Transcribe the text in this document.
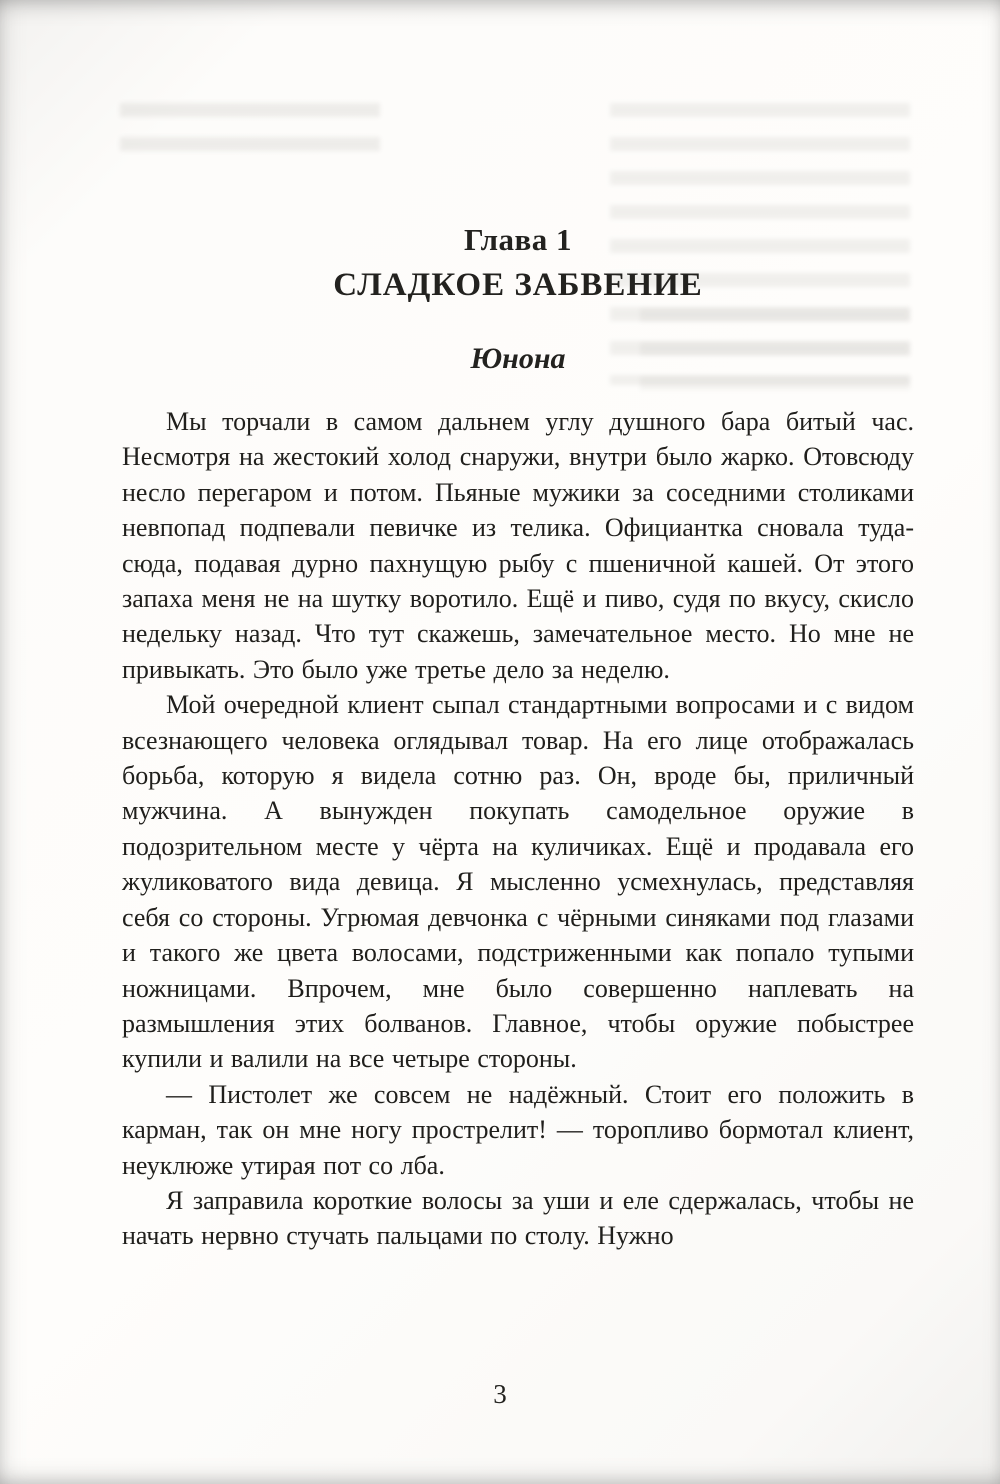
Глава 1
СЛАДКОЕ ЗАБВЕНИЕ
Юнона

Мы торчали в самом дальнем углу душного бара битый час. Несмотря на жестокий холод снаружи, внутри было жарко. Отовсюду несло перегаром и потом. Пьяные мужики за соседними столиками невпопад подпевали певичке из телика. Официантка сновала туда-сюда, подавая дурно пахнущую рыбу с пшеничной кашей. От этого запаха меня не на шутку воротило. Ещё и пиво, судя по вкусу, скисло недельку назад. Что тут скажешь, замечательное место. Но мне не привыкать. Это было уже третье дело за неделю.

Мой очередной клиент сыпал стандартными вопросами и с видом всезнающего человека оглядывал товар. На его лице отображалась борьба, которую я видела сотню раз. Он, вроде бы, приличный мужчина. А вынужден покупать самодельное оружие в подозрительном месте у чёрта на куличиках. Ещё и продавала его жуликоватого вида девица. Я мысленно усмехнулась, представляя себя со стороны. Угрюмая девчонка с чёрными синяками под глазами и такого же цвета волосами, подстриженными как попало тупыми ножницами. Впрочем, мне было совершенно наплевать на размышления этих болванов. Главное, чтобы оружие побыстрее купили и валили на все четыре стороны.

— Пистолет же совсем не надёжный. Стоит его положить в карман, так он мне ногу прострелит! — торопливо бормотал клиент, неуклюже утирая пот со лба.

Я заправила короткие волосы за уши и еле сдержалась, чтобы не начать нервно стучать пальцами по столу. Нужно

3
